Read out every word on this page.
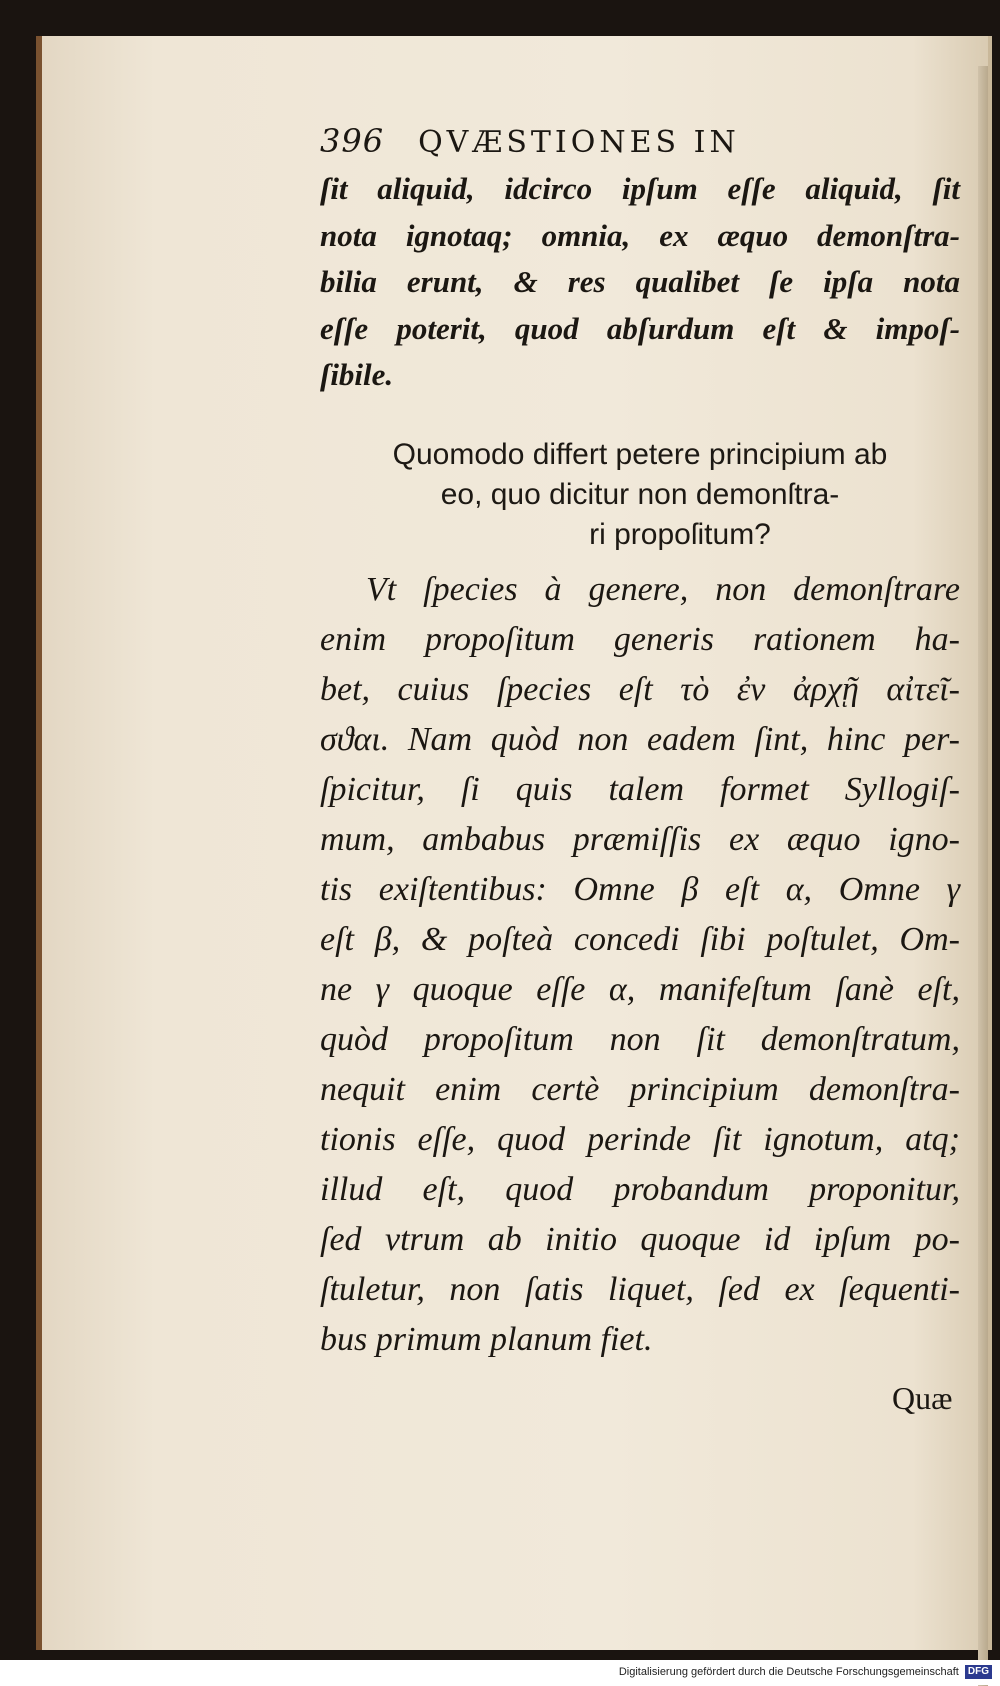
396 QVÆSTIONES IN
ſit aliquid, idcirco ipſum eſſe aliquid, ſit
nota ignotaq; omnia, ex æquo demonſtra-
bilia erunt, & res qualibet ſe ipſa nota
eſſe poterit, quod abſurdum eſt & impoſ-
ſibile.
Quomodo differt petere principium ab
eo, quo dicitur non demonſtra-
ri propoſitum?
Vt ſpecies à genere, non demonſtrare
enim propoſitum generis rationem ha-
bet, cuius ſpecies eſt τὸ ἐν ἀρχῇ αἰτεῖ-
σϑαι. Nam quòd non eadem ſint, hinc per-
ſpicitur, ſi quis talem formet Syllogiſ-
mum, ambabus præmiſſis ex æquo igno-
tis exiſtentibus: Omne β eſt α, Omne γ
eſt β, & poſteà concedi ſibi poſtulet, Om-
ne γ quoque eſſe α, manifeſtum ſanè eſt,
quòd propoſitum non ſit demonſtratum,
nequit enim certè principium demonſtra-
tionis eſſe, quod perinde ſit ignotum, atq;
illud eſt, quod probandum proponitur,
ſed vtrum ab initio quoque id ipſum po-
ſtuletur, non ſatis liquet, ſed ex ſequenti-
bus primum planum fiet.
Quæ
Digitalisierung gefördert durch die Deutsche Forschungsgemeinschaft DFG
